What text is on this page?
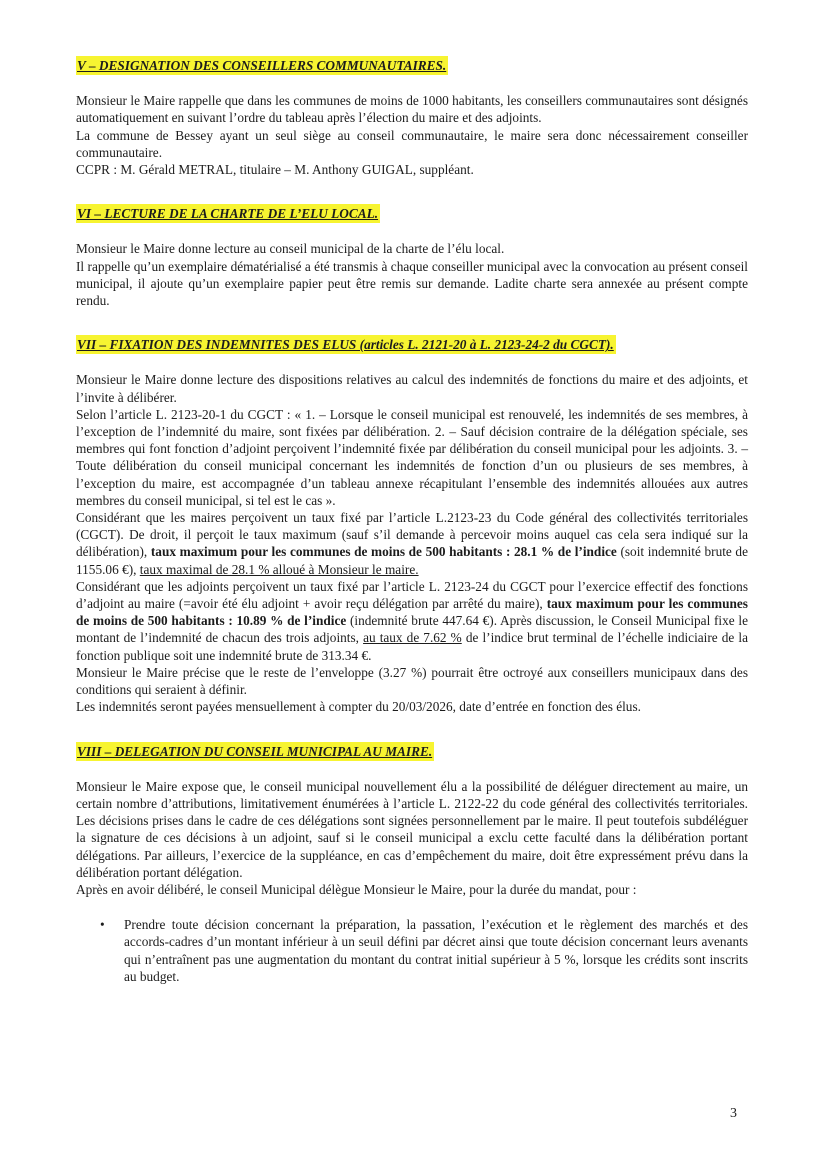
V – DESIGNATION DES CONSEILLERS COMMUNAUTAIRES.

Monsieur le Maire rappelle que dans les communes de moins de 1000 habitants, les conseillers communautaires sont désignés automatiquement en suivant l’ordre du tableau après l’élection du maire et des adjoints.

La commune de Bessey ayant un seul siège au conseil communautaire, le maire sera donc nécessairement conseiller communautaire.

CCPR : M. Gérald METRAL, titulaire – M. Anthony GUIGAL, suppléant.

VI – LECTURE DE LA CHARTE DE L’ELU LOCAL.

Monsieur le Maire donne lecture au conseil municipal de la charte de l’élu local.

Il rappelle qu’un exemplaire dématérialisé a été transmis à chaque conseiller municipal avec la convocation au présent conseil municipal, il ajoute qu’un exemplaire papier peut être remis sur demande. Ladite charte sera annexée au présent compte rendu.

VII – FIXATION DES INDEMNITES DES ELUS (articles L. 2121-20 à L. 2123-24-2 du CGCT).

Monsieur le Maire donne lecture des dispositions relatives au calcul des indemnités de fonctions du maire et des adjoints, et l’invite à délibérer.

Selon l’article L. 2123-20-1 du CGCT : « 1. – Lorsque le conseil municipal est renouvelé, les indemnités de ses membres, à l’exception de l’indemnité du maire, sont fixées par délibération. 2. – Sauf décision contraire de la délégation spéciale, ses membres qui font fonction d’adjoint perçoivent l’indemnité fixée par délibération du conseil municipal pour les adjoints. 3. – Toute délibération du conseil municipal concernant les indemnités de fonction d’un ou plusieurs de ses membres, à l’exception du maire, est accompagnée d’un tableau annexe récapitulant l’ensemble des indemnités allouées aux autres membres du conseil municipal, si tel est le cas ».

Considérant que les maires perçoivent un taux fixé par l’article L.2123-23 du Code général des collectivités territoriales (CGCT). De droit, il perçoit le taux maximum (sauf s’il demande à percevoir moins auquel cas cela sera indiqué sur la délibération), taux maximum pour les communes de moins de 500 habitants : 28.1 % de l’indice (soit indemnité brute de 1155.06 €), taux maximal de 28.1 % alloué à Monsieur le maire.

Considérant que les adjoints perçoivent un taux fixé par l’article L. 2123-24 du CGCT pour l’exercice effectif des fonctions d’adjoint au maire (=avoir été élu adjoint + avoir reçu délégation par arrêté du maire), taux maximum pour les communes de moins de 500 habitants : 10.89 % de l’indice (indemnité brute 447.64 €). Après discussion, le Conseil Municipal fixe le montant de l’indemnité de chacun des trois adjoints, au taux de 7.62 % de l’indice brut terminal de l’échelle indiciaire de la fonction publique soit une indemnité brute de 313.34 €.

Monsieur le Maire précise que le reste de l’enveloppe (3.27 %) pourrait être octroyé aux conseillers municipaux dans des conditions qui seraient à définir.

Les indemnités seront payées mensuellement à compter du 20/03/2026, date d’entrée en fonction des élus.

VIII – DELEGATION DU CONSEIL MUNICIPAL AU MAIRE.

Monsieur le Maire expose que, le conseil municipal nouvellement élu a la possibilité de déléguer directement au maire, un certain nombre d’attributions, limitativement énumérées à l’article L. 2122-22 du code général des collectivités territoriales. Les décisions prises dans le cadre de ces délégations sont signées personnellement par le maire. Il peut toutefois subdéléguer la signature de ces décisions à un adjoint, sauf si le conseil municipal a exclu cette faculté dans la délibération portant délégations. Par ailleurs, l’exercice de la suppléance, en cas d’empêchement du maire, doit être expressément prévu dans la délibération portant délégation.

Après en avoir délibéré, le conseil Municipal délègue Monsieur le Maire, pour la durée du mandat, pour :

• Prendre toute décision concernant la préparation, la passation, l’exécution et le règlement des marchés et des accords-cadres d’un montant inférieur à un seuil défini par décret ainsi que toute décision concernant leurs avenants qui n’entraînent pas une augmentation du montant du contrat initial supérieur à 5 %, lorsque les crédits sont inscrits au budget.
3
